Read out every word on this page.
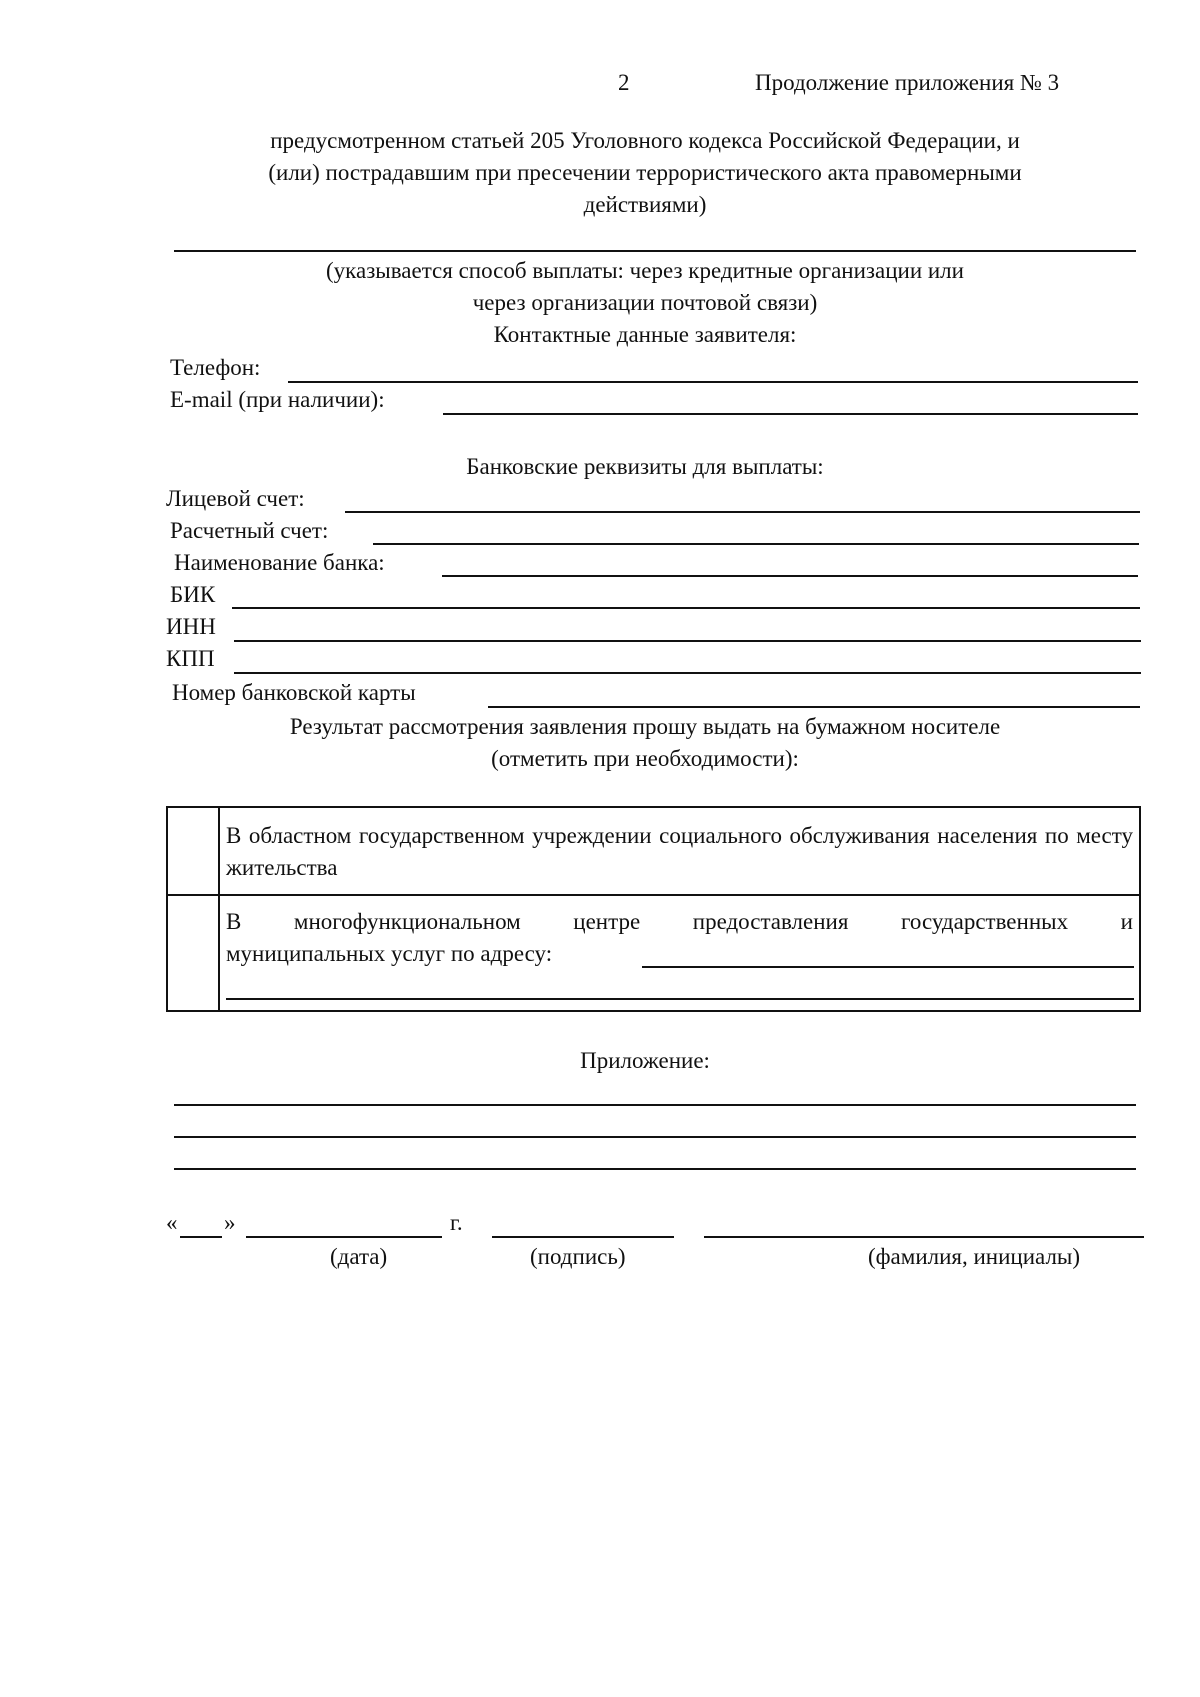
2	Продолжение приложения № 3
предусмотренном статьей 205 Уголовного кодекса Российской Федерации, и
(или) пострадавшим при пресечении террористического акта правомерными
действиями)
(указывается способ выплаты: через кредитные организации или
через организации почтовой связи)
Контактные данные заявителя:
Телефон:
E-mail (при наличии):
Банковские реквизиты для выплаты:
Лицевой счет:
Расчетный счет:
Наименование банка:
БИК
ИНН
КПП
Номер банковской карты
Результат рассмотрения заявления прошу выдать на бумажном носителе
(отметить при необходимости):
В областном государственном учреждении социального обслуживания населения по месту жительства
В многофункциональном центре предоставления государственных и
муниципальных услуг по адресу:
Приложение:
« »	г.
(дата)	(подпись)	(фамилия, инициалы)
